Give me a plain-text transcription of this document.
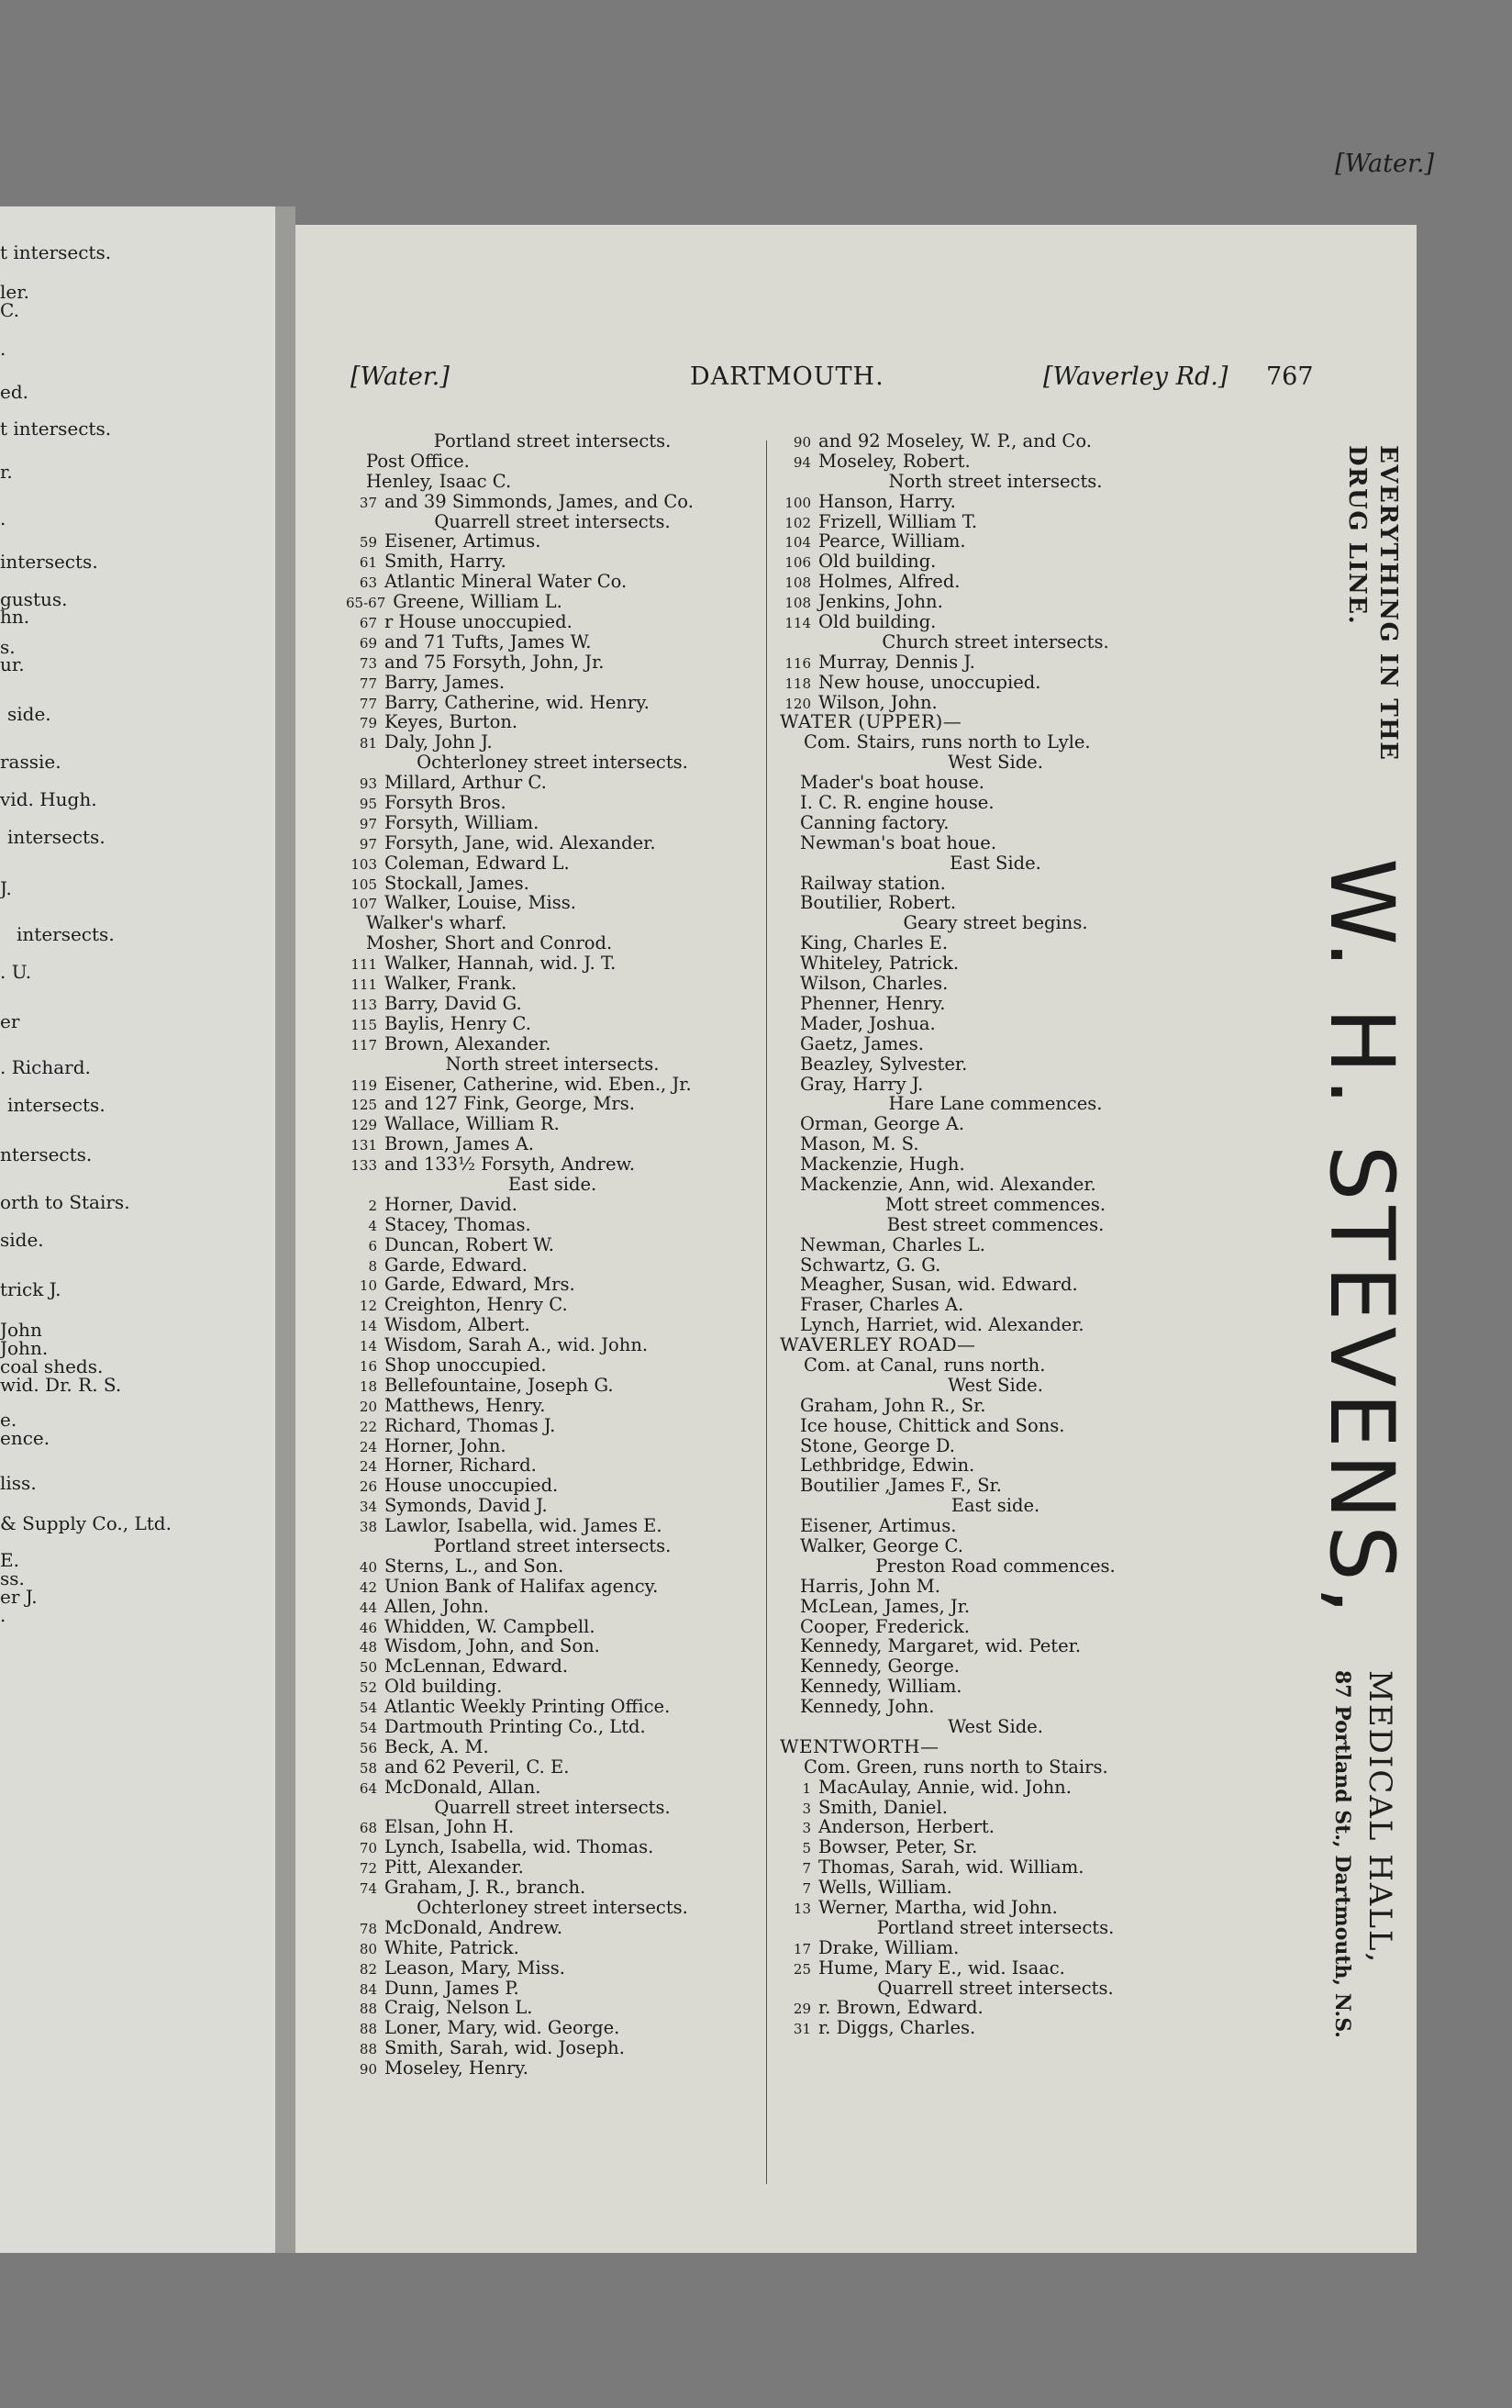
t intersects.
ler.
C.
.
ed.
t intersects.
r.
.
intersects.
gustus.
hn.
s.
ur.
side.
rassie.
vid. Hugh.
intersects.
J.
intersects.
. U.
er
. Richard.
intersects.
ntersects.
orth to Stairs.
side.
trick J.
John
John.
coal sheds.
wid. Dr. R. S.
e.
ence.
liss.
& Supply Co., Ltd.
E.
ss.
er J.
.
[Water.]
[Water.]	DARTMOUTH.	[Waverley Rd.] 767
Portland street intersects.
Post Office.
Henley, Isaac C.
37 and 39 Simmonds, James, and Co.
Quarrell street intersects.
59 Eisener, Artimus.
61 Smith, Harry.
63 Atlantic Mineral Water Co.
65-67 Greene, William L.
67 r House unoccupied.
69 and 71 Tufts, James W.
73 and 75 Forsyth, John, Jr.
77 Barry, James.
77 Barry, Catherine, wid. Henry.
79 Keyes, Burton.
81 Daly, John J.
Ochterloney street intersects.
93 Millard, Arthur C.
95 Forsyth Bros.
97 Forsyth, William.
97 Forsyth, Jane, wid. Alexander.
103 Coleman, Edward L.
105 Stockall, James.
107 Walker, Louise, Miss.
Walker's wharf.
Mosher, Short and Conrod.
111 Walker, Hannah, wid. J. T.
111 Walker, Frank.
113 Barry, David G.
115 Baylis, Henry C.
117 Brown, Alexander.
North street intersects.
119 Eisener, Catherine, wid. Eben., Jr.
125 and 127 Fink, George, Mrs.
129 Wallace, William R.
131 Brown, James A.
133 and 133½ Forsyth, Andrew.
East side.
2 Horner, David.
4 Stacey, Thomas.
6 Duncan, Robert W.
8 Garde, Edward.
10 Garde, Edward, Mrs.
12 Creighton, Henry C.
14 Wisdom, Albert.
14 Wisdom, Sarah A., wid. John.
16 Shop unoccupied.
18 Bellefountaine, Joseph G.
20 Matthews, Henry.
22 Richard, Thomas J.
24 Horner, John.
24 Horner, Richard.
26 House unoccupied.
34 Symonds, David J.
38 Lawlor, Isabella, wid. James E.
Portland street intersects.
40 Sterns, L., and Son.
42 Union Bank of Halifax agency.
44 Allen, John.
46 Whidden, W. Campbell.
48 Wisdom, John, and Son.
50 McLennan, Edward.
52 Old building.
54 Atlantic Weekly Printing Office.
54 Dartmouth Printing Co., Ltd.
56 Beck, A. M.
58 and 62 Peveril, C. E.
64 McDonald, Allan.
Quarrell street intersects.
68 Elsan, John H.
70 Lynch, Isabella, wid. Thomas.
72 Pitt, Alexander.
74 Graham, J. R., branch.
Ochterloney street intersects.
78 McDonald, Andrew.
80 White, Patrick.
82 Leason, Mary, Miss.
84 Dunn, James P.
88 Craig, Nelson L.
88 Loner, Mary, wid. George.
88 Smith, Sarah, wid. Joseph.
90 Moseley, Henry.
90 and 92 Moseley, W. P., and Co.
94 Moseley, Robert.
North street intersects.
100 Hanson, Harry.
102 Frizell, William T.
104 Pearce, William.
106 Old building.
108 Holmes, Alfred.
108 Jenkins, John.
114 Old building.
Church street intersects.
116 Murray, Dennis J.
118 New house, unoccupied.
120 Wilson, John.
WATER (UPPER)—
Com. Stairs, runs north to Lyle.
West Side.
Mader's boat house.
I. C. R. engine house.
Canning factory.
Newman's boat houe.
East Side.
Railway station.
Boutilier, Robert.
Geary street begins.
King, Charles E.
Whiteley, Patrick.
Wilson, Charles.
Phenner, Henry.
Mader, Joshua.
Gaetz, James.
Beazley, Sylvester.
Gray, Harry J.
Hare Lane commences.
Orman, George A.
Mason, M. S.
Mackenzie, Hugh.
Mackenzie, Ann, wid. Alexander.
Mott street commences.
Best street commences.
Newman, Charles L.
Schwartz, G. G.
Meagher, Susan, wid. Edward.
Fraser, Charles A.
Lynch, Harriet, wid. Alexander.
WAVERLEY ROAD—
Com. at Canal, runs north.
West Side.
Graham, John R., Sr.
Ice house, Chittick and Sons.
Stone, George D.
Lethbridge, Edwin.
Boutilier ,James F., Sr.
East side.
Eisener, Artimus.
Walker, George C.
Preston Road commences.
Harris, John M.
McLean, James, Jr.
Cooper, Frederick.
Kennedy, Margaret, wid. Peter.
Kennedy, George.
Kennedy, William.
Kennedy, John.
West Side.
WENTWORTH—
Com. Green, runs north to Stairs.
1 MacAulay, Annie, wid. John.
3 Smith, Daniel.
3 Anderson, Herbert.
5 Bowser, Peter, Sr.
7 Thomas, Sarah, wid. William.
7 Wells, William.
13 Werner, Martha, wid John.
Portland street intersects.
17 Drake, William.
25 Hume, Mary E., wid. Isaac.
Quarrell street intersects.
29 r. Brown, Edward.
31 r. Diggs, Charles.
EVERYTHING IN THE
DRUG LINE.
W. H. STEVENS,
MEDICAL HALL,
87 Portland St., Dartmouth, N.S.
